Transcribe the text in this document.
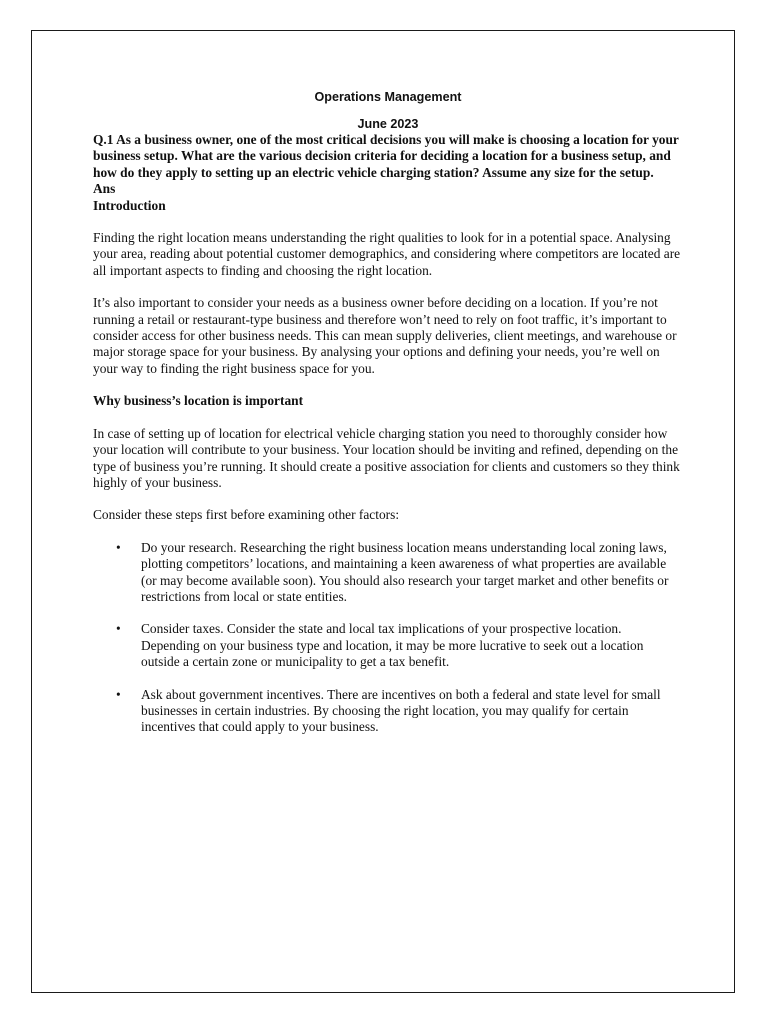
Operations Management

June 2023

Q.1 As a business owner, one of the most critical decisions you will make is choosing a location for your business setup. What are the various decision criteria for deciding a location for a business setup, and how do they apply to setting up an electric vehicle charging station? Assume any size for the setup.

Ans

Introduction

Finding the right location means understanding the right qualities to look for in a potential space. Analysing your area, reading about potential customer demographics, and considering where competitors are located are all important aspects to finding and choosing the right location.

It’s also important to consider your needs as a business owner before deciding on a location. If you’re not running a retail or restaurant-type business and therefore won’t need to rely on foot traffic, it’s important to consider access for other business needs. This can mean supply deliveries, client meetings, and warehouse or major storage space for your business. By analysing your options and defining your needs, you’re well on your way to finding the right business space for you.

Why business’s location is important

In case of setting up of location for electrical vehicle charging station you need to thoroughly consider how your location will contribute to your business. Your location should be inviting and refined, depending on the type of business you’re running. It should create a positive association for clients and customers so they think highly of your business.

Consider these steps first before examining other factors:

• Do your research. Researching the right business location means understanding local zoning laws, plotting competitors’ locations, and maintaining a keen awareness of what properties are available (or may become available soon). You should also research your target market and other benefits or restrictions from local or state entities.
• Consider taxes. Consider the state and local tax implications of your prospective location. Depending on your business type and location, it may be more lucrative to seek out a location outside a certain zone or municipality to get a tax benefit.
• Ask about government incentives. There are incentives on both a federal and state level for small businesses in certain industries. By choosing the right location, you may qualify for certain incentives that could apply to your business.
